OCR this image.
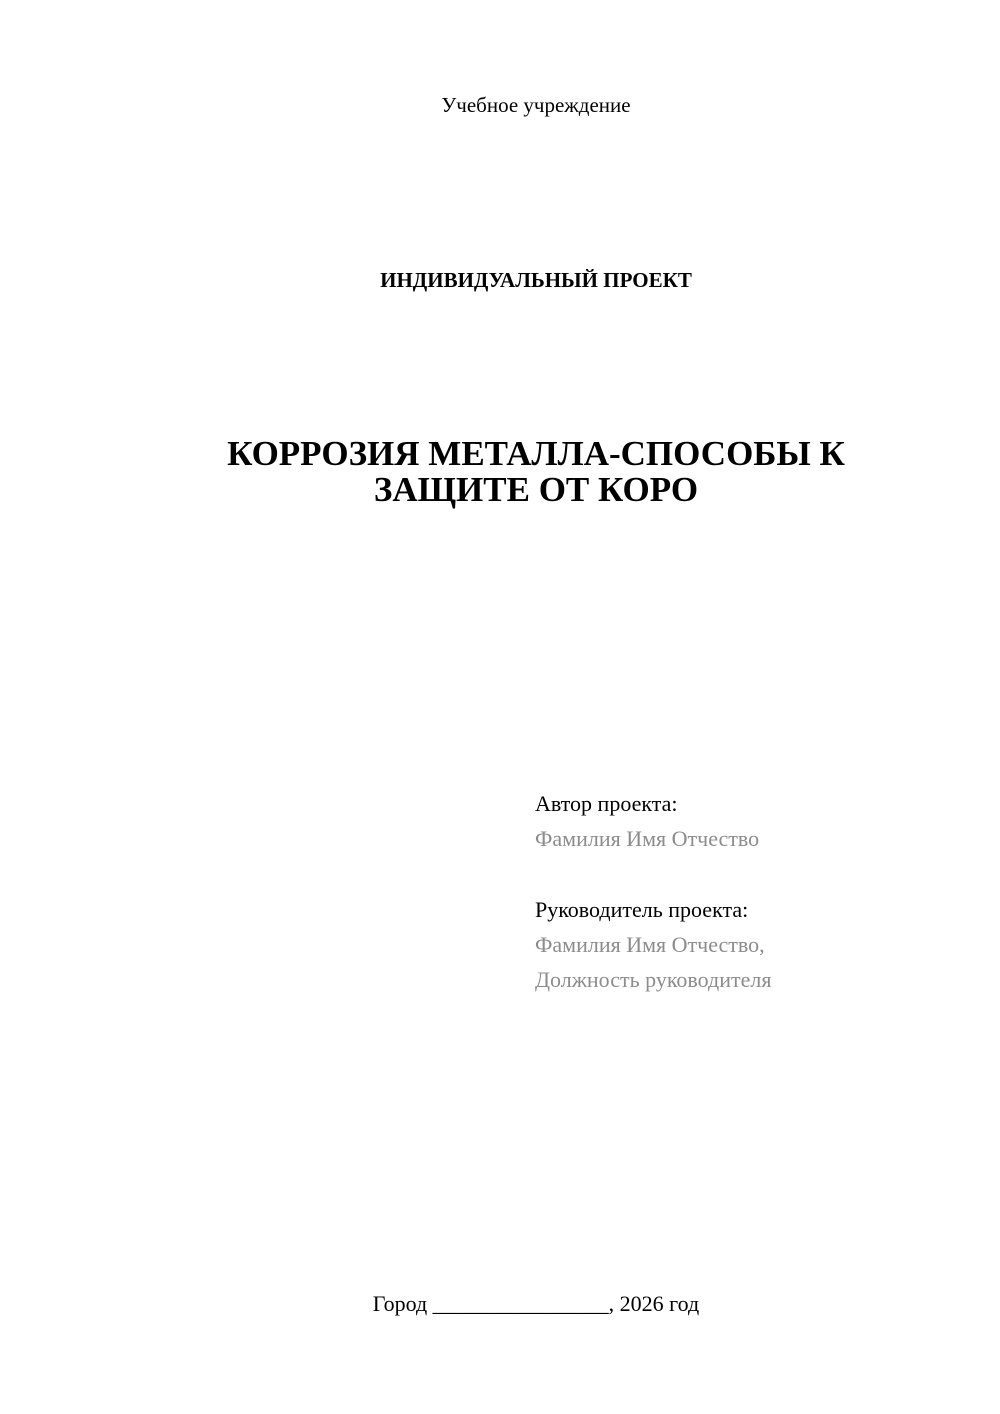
Учебное учреждение
ИНДИВИДУАЛЬНЫЙ ПРОЕКТ
КОРРОЗИЯ МЕТАЛЛА-СПОСОБЫ К
ЗАЩИТЕ ОТ КОРО
Автор проекта:
Фамилия Имя Отчество
Руководитель проекта:
Фамилия Имя Отчество,
Должность руководителя
Город ________________, 2026 год
